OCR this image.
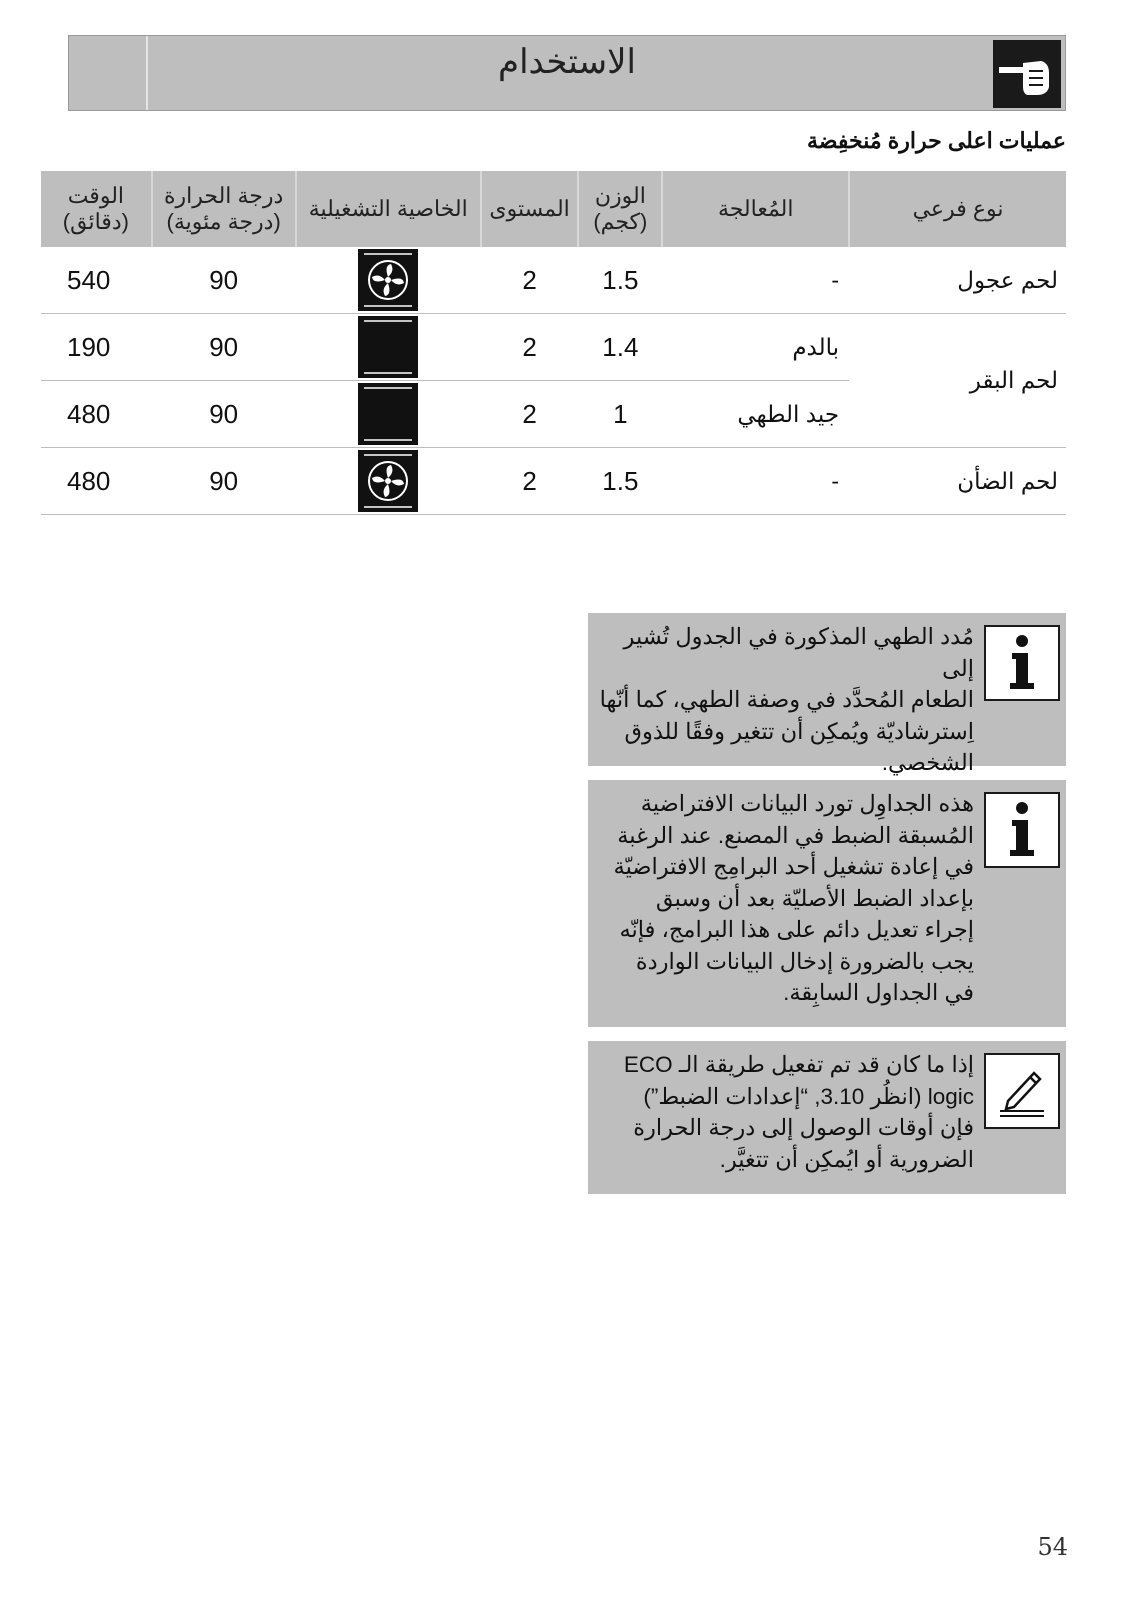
الاستخدام
عمليات اعلى حرارة مُنخفِضة
نوع فرعي	المُعالجة	الوزن (كجم)	المستوى	الخاصية التشغيلية	درجة الحرارة (درجة مئوية)	الوقت (دقائق)
لحم عجول	-	1.5	2		90	540
لحم البقر	بالدم	1.4	2		90	190
	جيد الطهي	1	2		90	480
لحم الضأن	-	1.5	2		90	480
مُدد الطهي المذكورة في الجدول تُشير إلى
الطعام المُحدَّد في وصفة الطهي، كما أنّها
اِسترشاديّة ويُمكِن أن تتغير وفقًا للذوق
الشخصي.
هذه الجداوِل تورد البيانات الافتراضية
المُسبقة الضبط في المصنع. عند الرغبة
في إعادة تشغيل أحد البرامِج الافتراضيّة
بإعداد الضبط الأصليّة بعد أن وسبق
إجراء تعديل دائم على هذا البرامج، فإنّه
يجب بالضرورة إدخال البيانات الواردة
في الجداول السابِقة.
إذا ما كان قد تم تفعيل طريقة الـ ECO
logic (انظُر 3.10, “إعدادات الضبط”)
فإن أوقات الوصول إلى درجة الحرارة
الضرورية أو ايُمكِن أن تتغيَّر.
54
